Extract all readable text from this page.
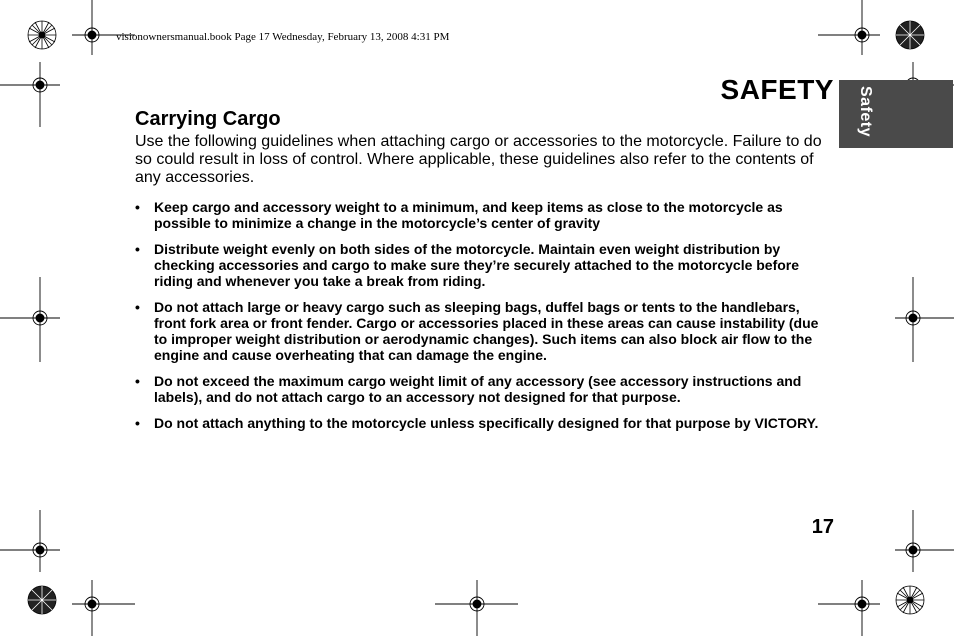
visionownersmanual.book Page 17 Wednesday, February 13, 2008 4:31 PM
SAFETY Safety
Carrying Cargo

Use the following guidelines when attaching cargo or accessories to the motorcycle. Failure to do so could result in loss of control. Where applicable, these guidelines also refer to the contents of any accessories.

• Keep cargo and accessory weight to a minimum, and keep items as close to the motorcycle as possible to minimize a change in the motorcycle’s center of gravity
• Distribute weight evenly on both sides of the motorcycle. Maintain even weight distribution by checking accessories and cargo to make sure they’re securely attached to the motorcycle before riding and whenever you take a break from riding.
• Do not attach large or heavy cargo such as sleeping bags, duffel bags or tents to the handlebars, front fork area or front fender. Cargo or accessories placed in these areas can cause instability (due to improper weight distribution or aerodynamic changes). Such items can also block air flow to the engine and cause overheating that can damage the engine.
• Do not exceed the maximum cargo weight limit of any accessory (see accessory instructions and labels), and do not attach cargo to an accessory not designed for that purpose.
• Do not attach anything to the motorcycle unless specifically designed for that purpose by VICTORY.
17
